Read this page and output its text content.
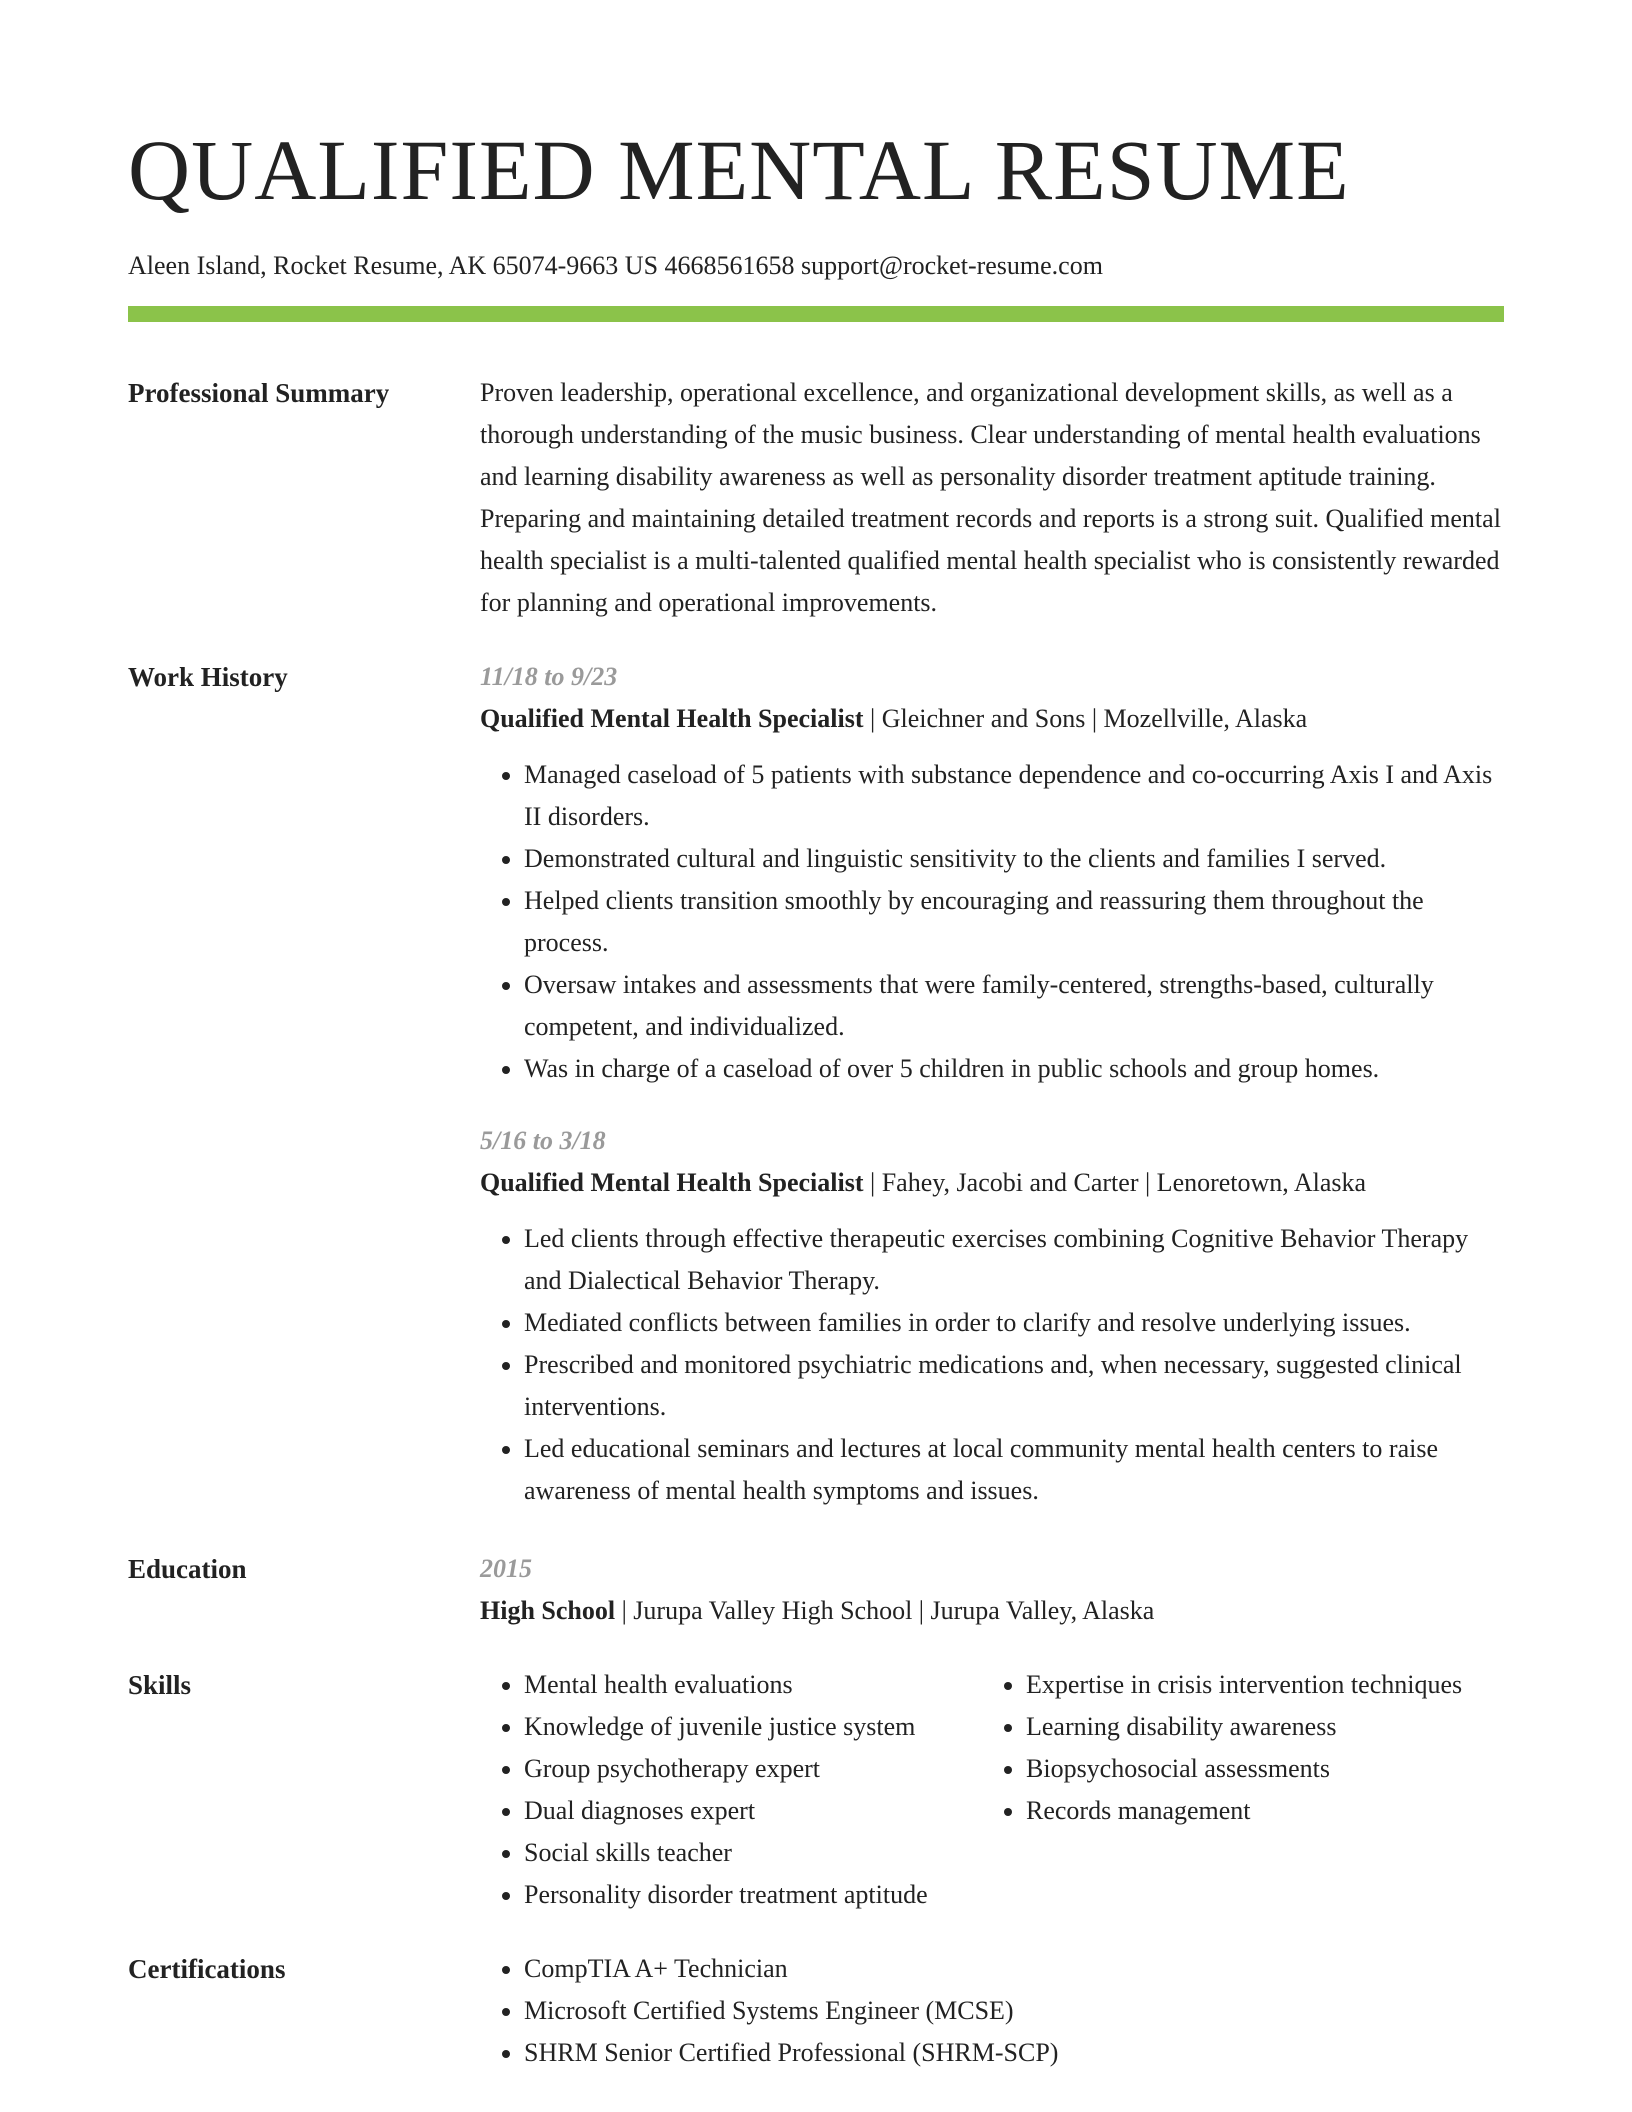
QUALIFIED MENTAL RESUME
Aleen Island, Rocket Resume, AK 65074-9663 US 4668561658 support@rocket-resume.com
Professional Summary	Proven leadership, operational excellence, and organizational development skills, as well as a thorough understanding of the music business. Clear understanding of mental health evaluations and learning disability awareness as well as personality disorder treatment aptitude training. Preparing and maintaining detailed treatment records and reports is a strong suit. Qualified mental health specialist is a multi-talented qualified mental health specialist who is consistently rewarded for planning and operational improvements.
Work History	11/18 to 9/23
Qualified Mental Health Specialist | Gleichner and Sons | Mozellville, Alaska
• Managed caseload of 5 patients with substance dependence and co-occurring Axis I and Axis II disorders.
• Demonstrated cultural and linguistic sensitivity to the clients and families I served.
• Helped clients transition smoothly by encouraging and reassuring them throughout the process.
• Oversaw intakes and assessments that were family-centered, strengths-based, culturally competent, and individualized.
• Was in charge of a caseload of over 5 children in public schools and group homes.
5/16 to 3/18
Qualified Mental Health Specialist | Fahey, Jacobi and Carter | Lenoretown, Alaska
• Led clients through effective therapeutic exercises combining Cognitive Behavior Therapy and Dialectical Behavior Therapy.
• Mediated conflicts between families in order to clarify and resolve underlying issues.
• Prescribed and monitored psychiatric medications and, when necessary, suggested clinical interventions.
• Led educational seminars and lectures at local community mental health centers to raise awareness of mental health symptoms and issues.
Education	2015
High School | Jurupa Valley High School | Jurupa Valley, Alaska
Skills	• Mental health evaluations
• Knowledge of juvenile justice system
• Group psychotherapy expert
• Dual diagnoses expert
• Social skills teacher
• Personality disorder treatment aptitude
• Expertise in crisis intervention techniques
• Learning disability awareness
• Biopsychosocial assessments
• Records management
Certifications	• CompTIA A+ Technician
• Microsoft Certified Systems Engineer (MCSE)
• SHRM Senior Certified Professional (SHRM-SCP)
